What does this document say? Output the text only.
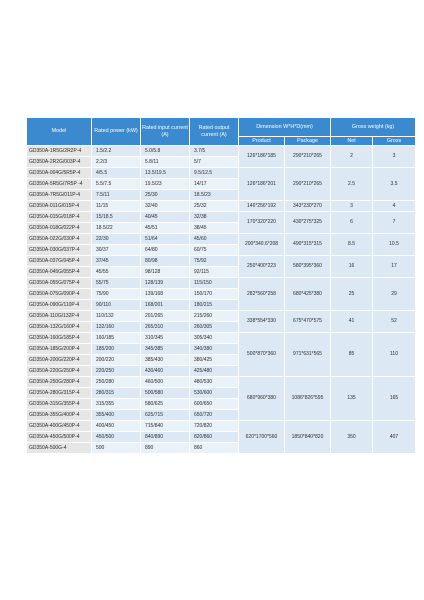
Model	Rated power (kW)	Rated input current (A)	Rated output current (A)	Dimension W*H*D(mm)		Gross weight (kg)	
				Product	Package	Net	Gross
GD350A-1R5G/2R2P-4	1.5/2.2	5.0/5.8	3.7/5	126*186*185	290*210*265	2	3
GD350A-2R2G/003P-4	2.2/3	5.8/11	5/7				
GD350A-004G/5R5P-4	4/5.5	13.5/19.5	9.5/12.5	126*186*201	290*210*265	2.5	3.5
GD350A-5R5G/7R5P -4	5.5/7.5	19.5/23	14/17				
GD350A-7R5G/011P-4	7.5/11	25/30	18.5/23				
GD350A-011G/015P-4	11/15	32/40	25/32	146*256*192	343*230*270	3	4
GD350A-015G/018P-4	15/18.5	40/45	32/38	170*320*220	430*275*325	6	7
GD350A-018G/022P-4	18.5/22	45/51	38/45				
GD350A-022G/030P-4	22/30	51/64	45/60	200*340.6*208	490*315*315	8.5	10.5
GD350A-030G/037P-4	30/37	64/80	60/75				
GD350A-037G/045P-4	37/45	80/98	75/92	250*400*223	580*395*360	16	17
GD350A-045G/055P-4	45/55	98/128	92/115				
GD350A-055G/075P-4	55/75	128/139	115/150	282*560*258	680*425*380	25	29
GD350A-075G/090P-4	75/90	139/168	150/170				
GD350A-090G/110P-4	90/110	168/201	180/215				
GD350A-110G/132P-4	110/132	201/265	215/260	338*554*330	675*470*575	41	52
GD350A-132G/160P-4	132/160	265/310	260/305				
GD350A-160G/185P-4	160/185	310/345	305/340	500*870*360	971*631*565	85	110
GD350A-185G/200P-4	185/200	345/385	340/380				
GD350A-200G/220P-4	200/220	385/430	380/425				
GD350A-220G/250P-4	220/250	430/460	425/480				
GD350A-250G/280P-4	250/280	460/500	480/530	680*960*380	1086*826*595	135	165
GD350A-280G/315P-4	280/315	500/580	530/600				
GD350A-315G/355P-4	315/355	580/625	600/650				
GD350A-355G/400P-4	355/400	625/715	650/720				
GD350A-400G/450P-4	400/450	715/840	720/820	620*1700*560	1850*840*820	350	407
GD350A-450G/500P-4	450/500	840/890	820/860				
GD350A-500G-4	500	890	860				
